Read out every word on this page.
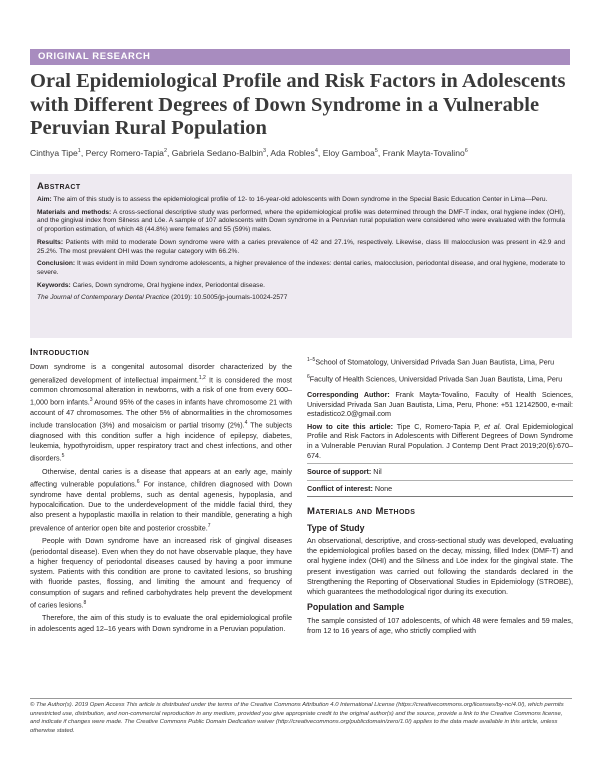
ORIGINAL RESEARCH
Oral Epidemiological Profile and Risk Factors in Adolescents with Different Degrees of Down Syndrome in a Vulnerable Peruvian Rural Population
Cinthya Tipe$^1$, Percy Romero-Tapia$^2$, Gabriela Sedano-Balbin$^3$, Ada Robles$^4$, Eloy Gamboa$^5$, Frank Mayta-Tovalino$^6$
Abstract

Aim: The aim of this study is to assess the epidemiological profile of 12- to 16-year-old adolescents with Down syndrome in the Special Basic Education Center in Lima—Peru.

Materials and methods: A cross-sectional descriptive study was performed, where the epidemiological profile was determined through the DMF-T index, oral hygiene index (OHI), and the gingival index from Silness and Löe. A sample of 107 adolescents with Down syndrome in a Peruvian rural population were considered who were evaluated with the formula of proportion estimation, of which 48 (44.8%) were females and 55 (59%) males.

Results: Patients with mild to moderate Down syndrome were with a caries prevalence of 42 and 27.1%, respectively. Likewise, class III malocclusion was present in 42.9 and 25.2%. The most prevalent OHI was the regular category with 66.2%.

Conclusion: It was evident in mild Down syndrome adolescents, a higher prevalence of the indexes: dental caries, malocclusion, periodontal disease, and oral hygiene, moderate to severe.

Keywords: Caries, Down syndrome, Oral hygiene index, Periodontal disease.

The Journal of Contemporary Dental Practice (2019): 10.5005/jp-journals-10024-2577

Introduction

Down syndrome is a congenital autosomal disorder characterized by the generalized development of intellectual impairment.$^{1,2}$ It is considered the most common chromosomal alteration in newborns, with a risk of one from every 600–1,000 born infants.$^3$ Around 95% of the cases in infants have chromosome 21 with account of 47 chromosomes. The other 5% of abnormalities in the chromosomes include translocation (3%) and mosaicism or partial trisomy (2%).$^4$ The subjects diagnosed with this condition suffer a high incidence of epilepsy, diabetes, leukemia, hypothyroidism, upper respiratory tract and chest infections, and other disorders.$^5$

Otherwise, dental caries is a disease that appears at an early age, mainly affecting vulnerable populations.$^6$ For instance, children diagnosed with Down syndrome have dental problems, such as dental agenesis, hypoplasia, and hypocalcification. Due to the underdevelopment of the middle facial third, they also present a hypoplastic maxilla in relation to their mandible, generating a high prevalence of anterior open bite and posterior crossbite.$^7$

People with Down syndrome have an increased risk of gingival diseases (periodontal disease). Even when they do not have observable plaque, they have a higher frequency of periodontal diseases caused by having a poor immune system. Patients with this condition are prone to cavitated lesions, so brushing with fluoride pastes, flossing, and limiting the amount and frequency of consumption of sugars and refined carbohydrates help prevent the development of caries lesions.$^8$

Therefore, the aim of this study is to evaluate the oral epidemiological profile in adolescents aged 12–16 years with Down syndrome in a Peruvian population.

$^{1-5}$School of Stomatology, Universidad Privada San Juan Bautista, Lima, Peru

$^6$Faculty of Health Sciences, Universidad Privada San Juan Bautista, Lima, Peru

Corresponding Author: Frank Mayta-Tovalino, Faculty of Health Sciences, Universidad Privada San Juan Bautista, Lima, Peru, Phone: +51 12142500, e-mail: estadistico2.0@gmail.com

How to cite this article: Tipe C, Romero-Tapia P, et al. Oral Epidemiological Profile and Risk Factors in Adolescents with Different Degrees of Down Syndrome in a Vulnerable Peruvian Rural Population. J Contemp Dent Pract 2019;20(6):670–674.

Source of support: Nil

Conflict of interest: None

Materials and Methods
Type of Study

An observational, descriptive, and cross-sectional study was developed, evaluating the epidemiological profiles based on the decay, missing, filled Index (DMF-T) and oral hygiene index (OHI) and the Silness and Löe index for the gingival state. The present investigation was carried out following the standards declared in the Strengthening the Reporting of Observational Studies in Epidemiology (STROBE), which guarantees the methodological rigor during its execution.

Population and Sample

The sample consisted of 107 adolescents, of which 48 were females and 59 males, from 12 to 16 years of age, who strictly complied with

© The Author(s). 2019 Open Access This article is distributed under the terms of the Creative Commons Attribution 4.0 International License (https://creativecommons.org/licenses/by-nc/4.0/), which permits unrestricted use, distribution, and non-commercial reproduction in any medium, provided you give appropriate credit to the original author(s) and the source, provide a link to the Creative Commons license, and indicate if changes were made. The Creative Commons Public Domain Dedication waiver (http://creativecommons.org/publicdomain/zero/1.0/) applies to the data made available in this article, unless otherwise stated.
